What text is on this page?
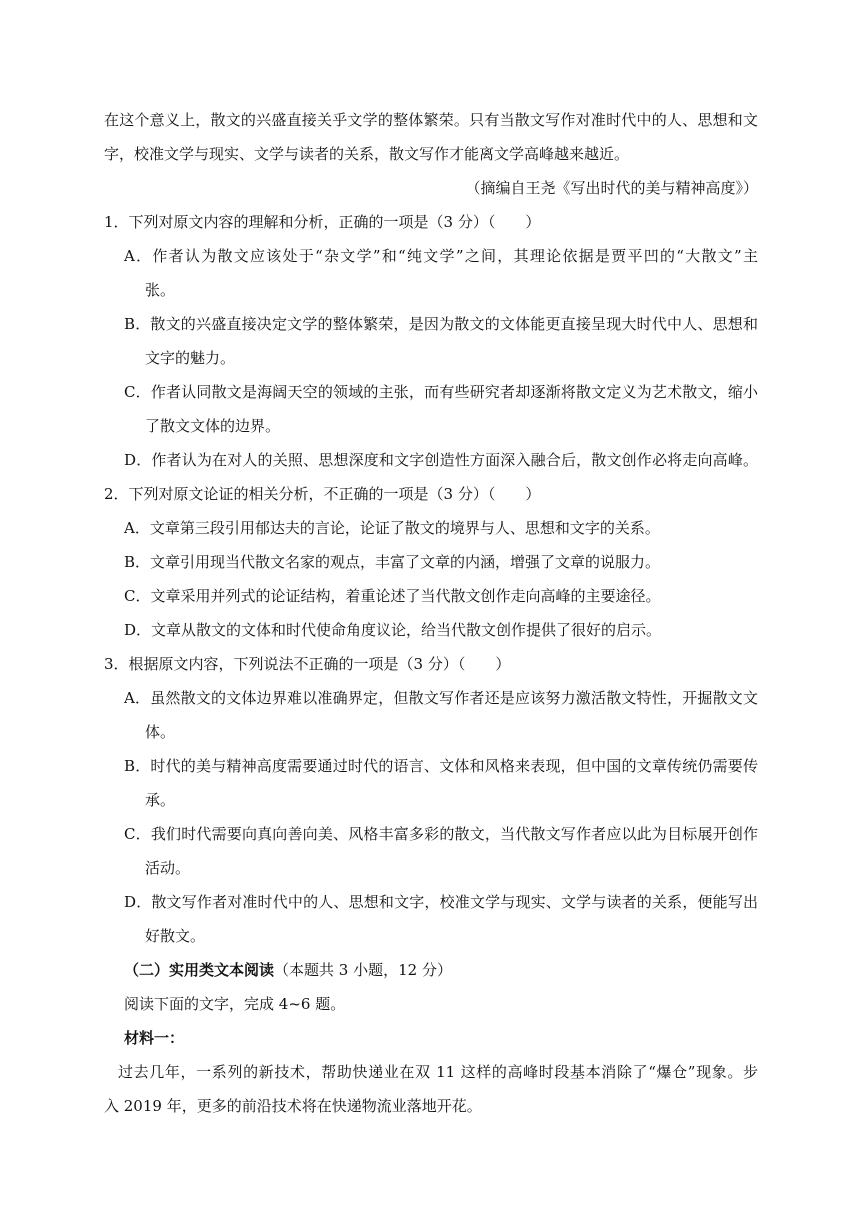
在这个意义上，散文的兴盛直接关乎文学的整体繁荣。只有当散文写作对准时代中的人、思想和文
字，校准文学与现实、文学与读者的关系，散文写作才能离文学高峰越来越近。
（摘编自王尧《写出时代的美与精神高度》）
1．下列对原文内容的理解和分析，正确的一项是（3 分）（　　）
A．作者认为散文应该处于“杂文学”和“纯文学”之间，其理论依据是贾平凹的“大散文”主
张。
B．散文的兴盛直接决定文学的整体繁荣，是因为散文的文体能更直接呈现大时代中人、思想和
文字的魅力。
C．作者认同散文是海阔天空的领域的主张，而有些研究者却逐渐将散文定义为艺术散文，缩小
了散文文体的边界。
D．作者认为在对人的关照、思想深度和文字创造性方面深入融合后，散文创作必将走向高峰。
2．下列对原文论证的相关分析，不正确的一项是（3 分）（　　）
A．文章第三段引用郁达夫的言论，论证了散文的境界与人、思想和文字的关系。
B．文章引用现当代散文名家的观点，丰富了文章的内涵，增强了文章的说服力。
C．文章采用并列式的论证结构，着重论述了当代散文创作走向高峰的主要途径。
D．文章从散文的文体和时代使命角度议论，给当代散文创作提供了很好的启示。
3．根据原文内容，下列说法不正确的一项是（3 分）（　　）
A．虽然散文的文体边界难以准确界定，但散文写作者还是应该努力激活散文特性，开掘散文文
体。
B．时代的美与精神高度需要通过时代的语言、文体和风格来表现，但中国的文章传统仍需要传
承。
C．我们时代需要向真向善向美、风格丰富多彩的散文，当代散文写作者应以此为目标展开创作
活动。
D．散文写作者对准时代中的人、思想和文字，校准文学与现实、文学与读者的关系，便能写出
好散文。
（二）实用类文本阅读（本题共 3 小题，12 分）
阅读下面的文字，完成 4~6 题。
材料一：
过去几年，一系列的新技术，帮助快递业在双 11 这样的高峰时段基本消除了“爆仓”现象。步
入 2019 年，更多的前沿技术将在快递物流业落地开花。
